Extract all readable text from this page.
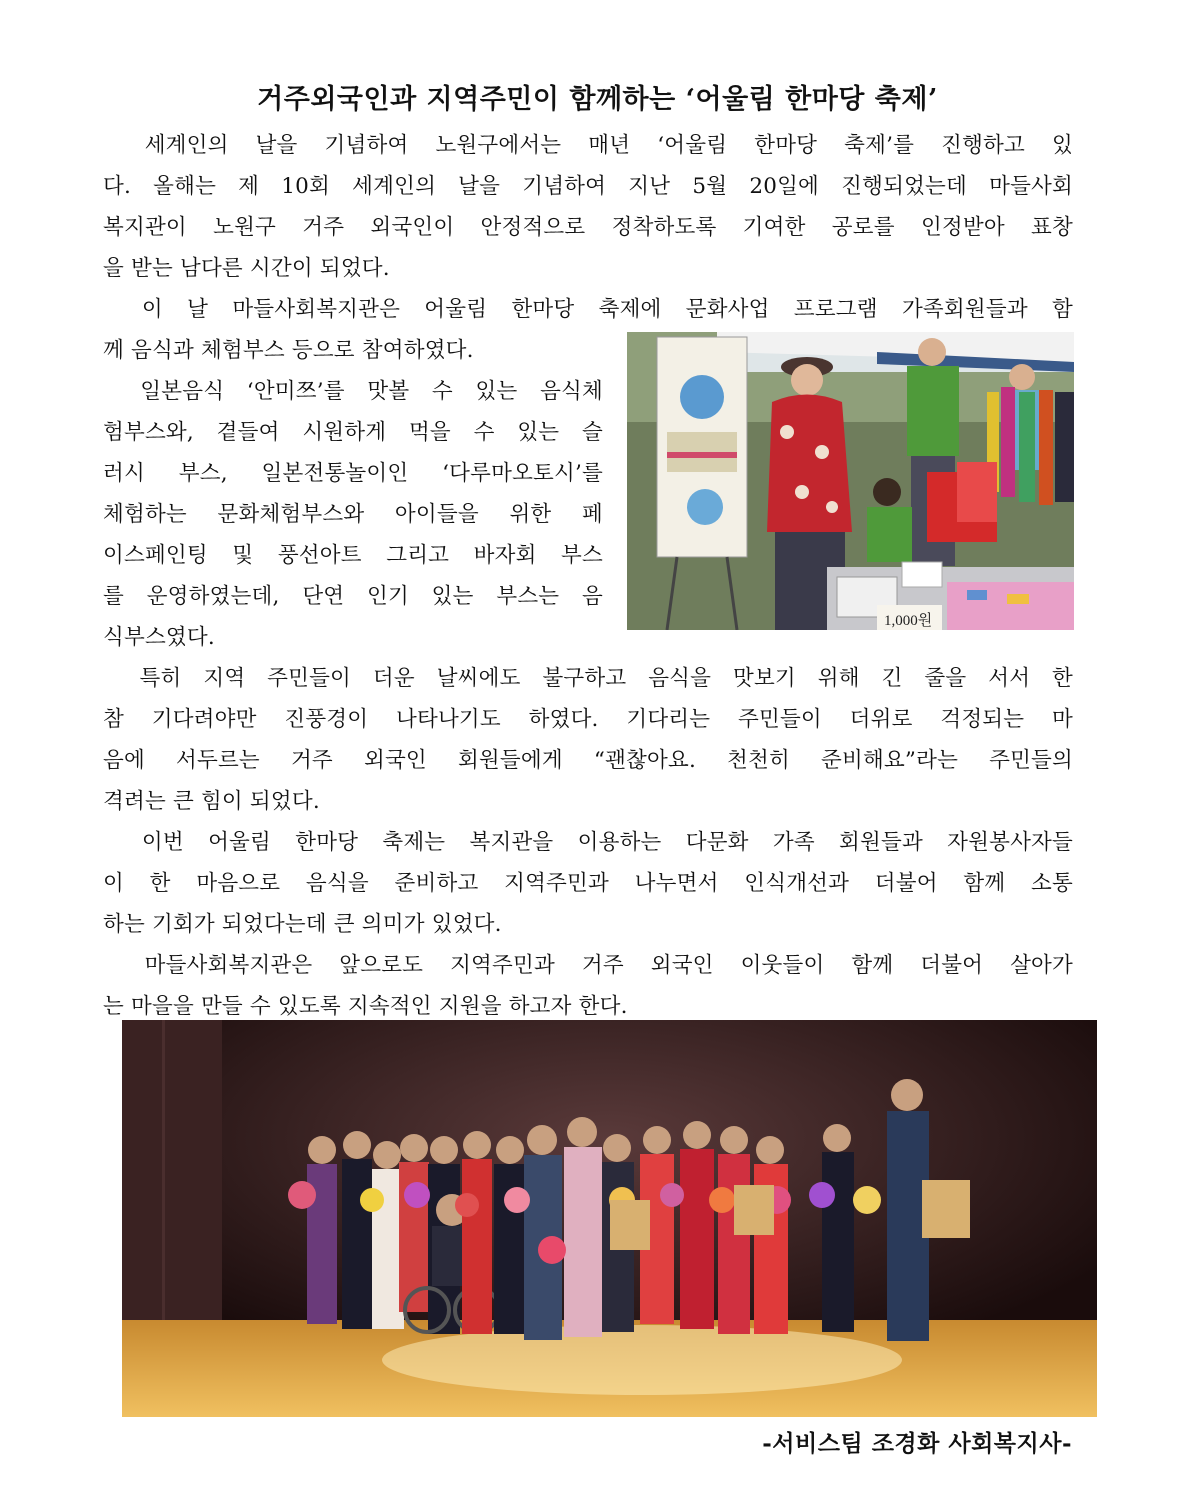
거주외국인과 지역주민이 함께하는 ‘어울림 한마당 축제’
　세계인의 날을 기념하여 노원구에서는 매년 ‘어울림 한마당 축제’를 진행하고 있
다. 올해는 제 10회 세계인의 날을 기념하여 지난 5월 20일에 진행되었는데 마들사회
복지관이 노원구 거주 외국인이 안정적으로 정착하도록 기여한 공로를 인정받아 표창
을 받는 남다른 시간이 되었다.
　이 날 마들사회복지관은 어울림 한마당 축제에 문화사업 프로그램 가족회원들과 함
께 음식과 체험부스 등으로 참여하였다.
　일본음식 ‘안미쯔’를 맛볼 수 있는 음식체
험부스와, 곁들여 시원하게 먹을 수 있는 슬
러시 부스, 일본전통놀이인 ‘다루마오토시’를
체험하는 문화체험부스와 아이들을 위한 페
이스페인팅 및 풍선아트 그리고 바자회 부스
를 운영하였는데, 단연 인기 있는 부스는 음
식부스였다.
1,000원
　특히 지역 주민들이 더운 날씨에도 불구하고 음식을 맛보기 위해 긴 줄을 서서 한
참 기다려야만 진풍경이 나타나기도 하였다. 기다리는 주민들이 더위로 걱정되는 마
음에 서두르는 거주 외국인 회원들에게 “괜찮아요. 천천히 준비해요”라는 주민들의
격려는 큰 힘이 되었다.
　이번 어울림 한마당 축제는 복지관을 이용하는 다문화 가족 회원들과 자원봉사자들
이 한 마음으로 음식을 준비하고 지역주민과 나누면서 인식개선과 더불어 함께 소통
하는 기회가 되었다는데 큰 의미가 있었다.
　마들사회복지관은 앞으로도 지역주민과 거주 외국인 이웃들이 함께 더불어 살아가
는 마을을 만들 수 있도록 지속적인 지원을 하고자 한다.
-서비스팀 조경화 사회복지사-
